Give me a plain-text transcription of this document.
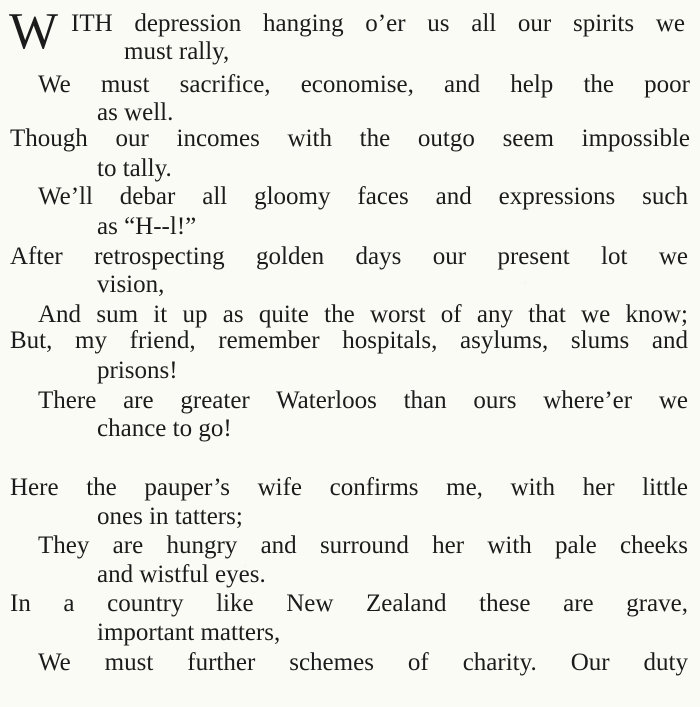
W ITH depression hanging o’er us all our spirits we
must rally,
We must sacrifice, economise, and help the poor
as well.
Though our incomes with the outgo seem impossible
to tally.
We’ll debar all gloomy faces and expressions such
as “H--l!”
After retrospecting golden days our present lot we
vision,
And sum it up as quite the worst of any that we know;
But, my friend, remember hospitals, asylums, slums and
prisons!
There are greater Waterloos than ours where’er we
chance to go!
Here the pauper’s wife confirms me, with her little
ones in tatters;
They are hungry and surround her with pale cheeks
and wistful eyes.
In a country like New Zealand these are grave,
important matters,
We must further schemes of charity. Our duty
